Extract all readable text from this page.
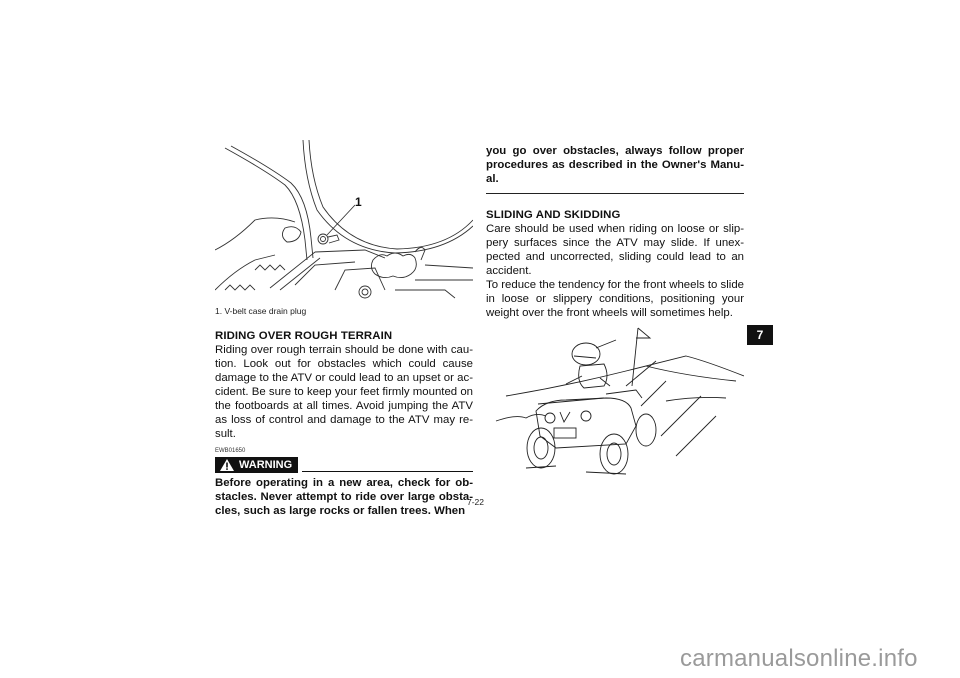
1
1. V-belt case drain plug
RIDING OVER ROUGH TERRAIN
Riding over rough terrain should be done with cau- tion. Look out for obstacles which could cause damage to the ATV or could lead to an upset or ac- cident. Be sure to keep your feet firmly mounted on the footboards at all times. Avoid jumping the ATV as loss of control and damage to the ATV may re- sult.
EWB01650
WARNING
Before operating in a new area, check for ob- stacles. Never attempt to ride over large obsta- cles, such as large rocks or fallen trees. When
you go over obstacles, always follow proper procedures as described in the Owner's Manu- al.
SLIDING AND SKIDDING
Care should be used when riding on loose or slip- pery surfaces since the ATV may slide. If unex- pected and uncorrected, sliding could lead to an accident.
To reduce the tendency for the front wheels to slide in loose or slippery conditions, positioning your weight over the front wheels will sometimes help.
7-22
7
carmanualsonline.info
